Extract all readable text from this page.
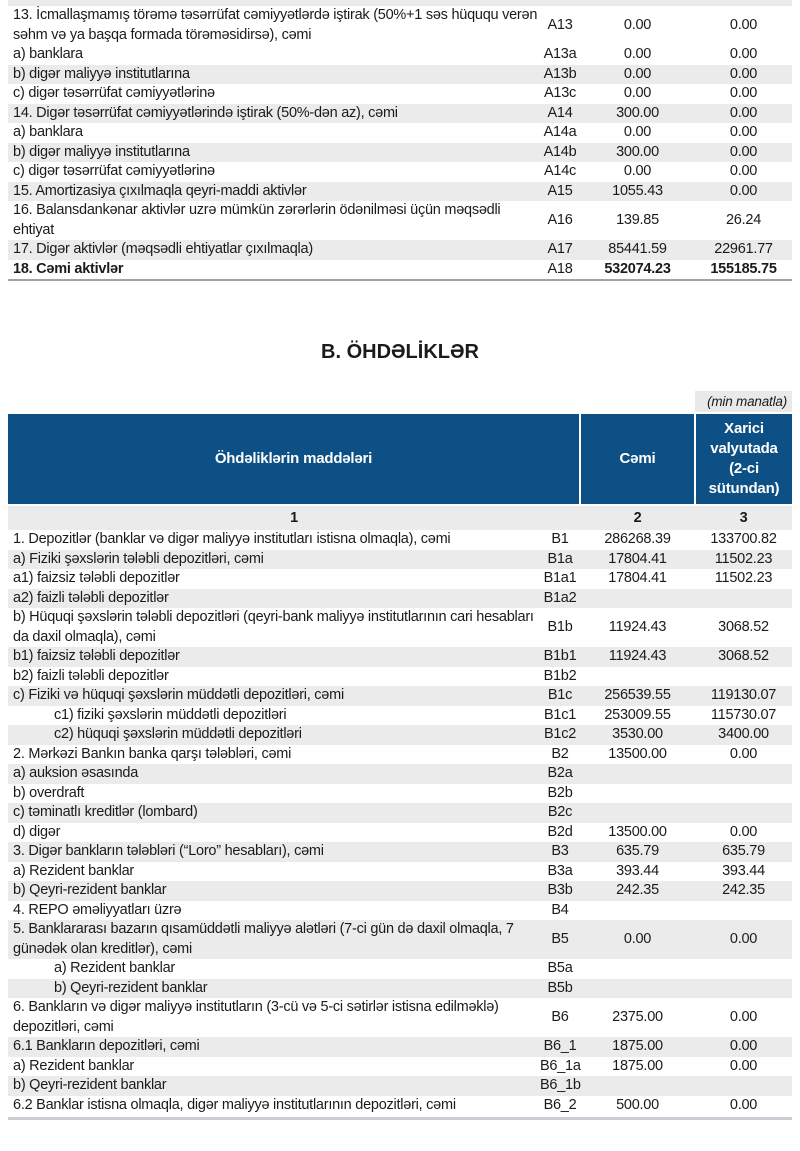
13. İcmallaşmamış törəmə təsərrüfat cəmiyyətlərdə iştirak (50%+1 səs hüququ verən səhm və ya başqa formada törəməsidirsə), cəmi
A13	0.00	0.00
a) banklara	A13a	0.00	0.00
b) digər maliyyə institutlarına	A13b	0.00	0.00
c) digər təsərrüfat cəmiyyətlərinə	A13c	0.00	0.00
14. Digər təsərrüfat cəmiyyətlərində iştirak (50%-dən az), cəmi	A14	300.00	0.00
a) banklara	A14a	0.00	0.00
b) digər maliyyə institutlarına	A14b	300.00	0.00
c) digər təsərrüfat cəmiyyətlərinə	A14c	0.00	0.00
15. Amortizasiya çıxılmaqla qeyri-maddi aktivlər	A15	1055.43	0.00
16. Balansdankənar aktivlər uzrə mümkün zərərlərin ödənilməsi üçün məqsədli ehtiyat
A16	139.85	26.24
17. Digər aktivlər (məqsədli ehtiyatlar çıxılmaqla)	A17	85441.59	22961.77
18. Cəmi aktivlər	A18	532074.23	155185.75
B. ÖHDƏLİKLƏR
(min manatla)
Öhdəliklərin maddələri	Cəmi
Xarici valyutada (2-ci sütundan)
1	2	3
1. Depozitlər (banklar və digər maliyyə institutları istisna olmaqla), cəmi	B1	286268.39	133700.82
a) Fiziki şəxslərin tələbli depozitləri, cəmi	B1a	17804.41	11502.23
a1) faizsiz tələbli depozitlər	B1a1	17804.41	11502.23
a2) faizli tələbli depozitlər	B1a2
b) Hüquqi şəxslərin tələbli depozitləri (qeyri-bank maliyyə institutlarının cari hesabları da daxil olmaqla), cəmi
B1b	11924.43	3068.52
b1) faizsiz tələbli depozitlər	B1b1	11924.43	3068.52
b2) faizli tələbli depozitlər	B1b2
c) Fiziki və hüquqi şəxslərin müddətli depozitləri, cəmi	B1c	256539.55	119130.07
c1) fiziki şəxslərin müddətli depozitləri	B1c1	253009.55	115730.07
c2) hüquqi şəxslərin müddətli depozitləri	B1c2	3530.00	3400.00
2. Mərkəzi Bankın banka qarşı tələbləri, cəmi	B2	13500.00	0.00
a) auksion əsasında	B2a
b) overdraft	B2b
c) təminatlı kreditlər (lombard)	B2c
d) digər	B2d	13500.00	0.00
3. Digər bankların tələbləri (“Loro” hesabları), cəmi	B3	635.79	635.79
a) Rezident banklar	B3a	393.44	393.44
b) Qeyri-rezident banklar	B3b	242.35	242.35
4. REPO əməliyyatları üzrə	B4
5. Banklararası bazarın qısamüddətli maliyyə alətləri (7-ci gün də daxil olmaqla, 7 günədək olan kreditlər), cəmi
B5	0.00	0.00
a) Rezident banklar	B5a
b) Qeyri-rezident banklar	B5b
6. Bankların və digər maliyyə institutların (3-cü və 5-ci sətirlər istisna edilməklə) depozitləri, cəmi
B6	2375.00	0.00
6.1 Bankların depozitləri, cəmi	B6_1	1875.00	0.00
a) Rezident banklar	B6_1a	1875.00	0.00
b) Qeyri-rezident banklar	B6_1b
6.2 Banklar istisna olmaqla, digər maliyyə institutlarının depozitləri, cəmi	B6_2	500.00	0.00
